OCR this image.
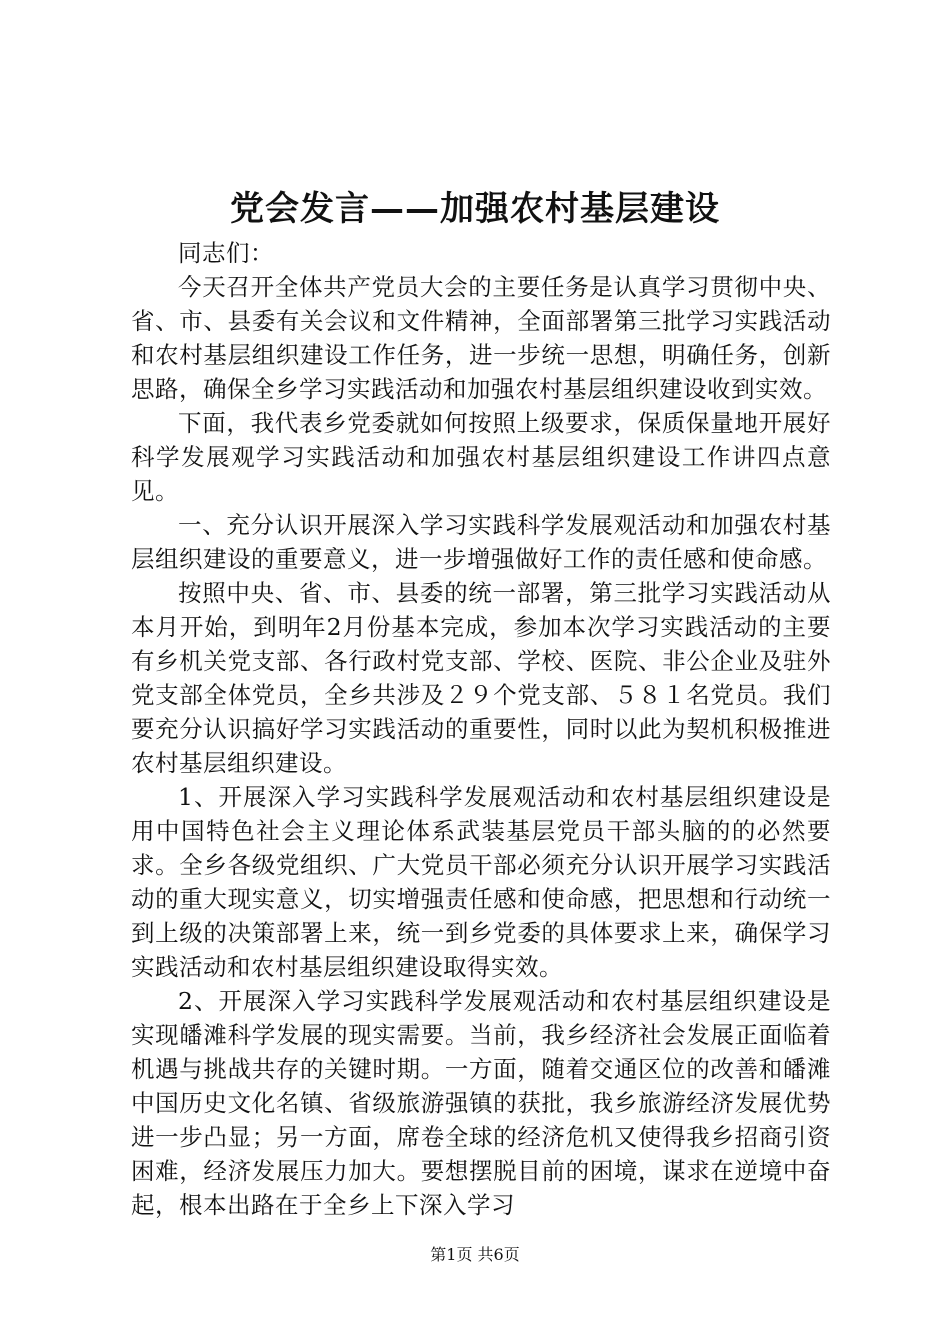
党会发言——加强农村基层建设

同志们：

今天召开全体共产党员大会的主要任务是认真学习贯彻中央、省、市、县委有关会议和文件精神，全面部署第三批学习实践活动和农村基层组织建设工作任务，进一步统一思想，明确任务，创新思路，确保全乡学习实践活动和加强农村基层组织建设收到实效。

下面，我代表乡党委就如何按照上级要求，保质保量地开展好科学发展观学习实践活动和加强农村基层组织建设工作讲四点意见。

一、充分认识开展深入学习实践科学发展观活动和加强农村基层组织建设的重要意义，进一步增强做好工作的责任感和使命感。

按照中央、省、市、县委的统一部署，第三批学习实践活动从本月开始，到明年2月份基本完成，参加本次学习实践活动的主要有乡机关党支部、各行政村党支部、学校、医院、非公企业及驻外党支部全体党员，全乡共涉及２９个党支部、５８１名党员。我们要充分认识搞好学习实践活动的重要性，同时以此为契机积极推进农村基层组织建设。

1、开展深入学习实践科学发展观活动和农村基层组织建设是用中国特色社会主义理论体系武装基层党员干部头脑的的必然要求。全乡各级党组织、广大党员干部必须充分认识开展学习实践活动的重大现实意义，切实增强责任感和使命感，把思想和行动统一到上级的决策部署上来，统一到乡党委的具体要求上来，确保学习实践活动和农村基层组织建设取得实效。

2、开展深入学习实践科学发展观活动和农村基层组织建设是实现皤滩科学发展的现实需要。当前，我乡经济社会发展正面临着机遇与挑战共存的关键时期。一方面，随着交通区位的改善和皤滩中国历史文化名镇、省级旅游强镇的获批，我乡旅游经济发展优势进一步凸显；另一方面，席卷全球的经济危机又使得我乡招商引资困难，经济发展压力加大。要想摆脱目前的困境，谋求在逆境中奋起，根本出路在于全乡上下深入学习

第1页 共6页
